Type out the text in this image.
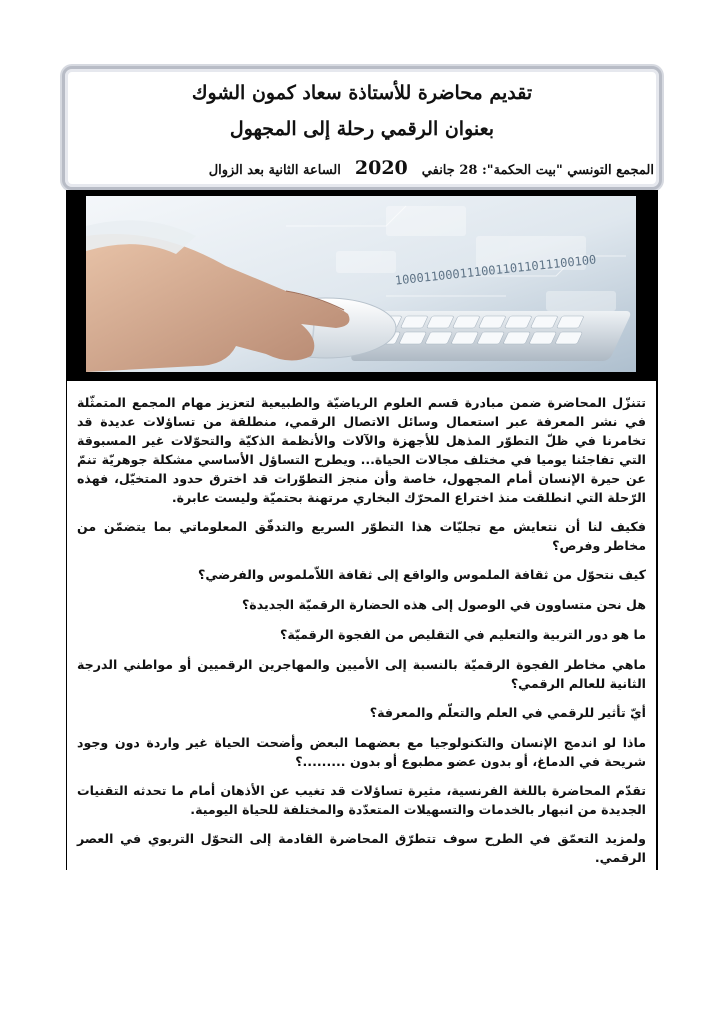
تقديم محاضرة للأستاذة سعاد كمون الشوك
بعنوان الرقمي رحلة إلى المجهول
المجمع التونسي "بيت الحكمة": 28 جانفي
2020
الساعة الثانية بعد الزوال
1000110001110011011011100100

تتنزّل المحاضرة ضمن مبادرة قسم العلوم الرياضيّة والطبيعية لتعزيز مهام المجمع المتمثّلة في نشر المعرفة عبر استعمال وسائل الاتصال الرقمي، منطلقة من تساؤلات عديدة قد تخامرنا في ظلّ التطوّر المذهل للأجهزة والآلات والأنظمة الذكيّة والتحوّلات غير المسبوقة التي تفاجئنا يوميا في مختلف مجالات الحياة... ويطرح التساؤل الأساسي مشكلة جوهريّة تنمّ عن حيرة الإنسان أمام المجهول، خاصة وأن منجز التطوّرات قد اخترق حدود المتخيّل، فهذه الرّحلة التي انطلقت منذ اختراع المحرّك البخاري مرتهنة بحتميّة وليست عابرة.

فكيف لنا أن نتعايش مع تجليّات هذا التطوّر السريع والتدفّق المعلوماتي بما يتضمّن من مخاطر وفرص؟

كيف نتحوّل من ثقافة الملموس والواقع إلى ثقافة اللاّملموس والفرضي؟

هل نحن متساوون في الوصول إلى هذه الحضارة الرقميّة الجديدة؟

ما هو دور التربية والتعليم في التقليص من الفجوة الرقميّة؟

ماهي مخاطر الفجوة الرقميّة بالنسبة إلى الأميين والمهاجرين الرقميين أو مواطني الدرجة الثانية للعالم الرقمي؟

أيّ تأثير للرقمي في العلم والتعلّم والمعرفة؟

ماذا لو اندمج الإنسان والتكنولوجيا مع بعضهما البعض وأضحت الحياة غير واردة دون وجود شريحة في الدماغ، أو بدون عضو مطبوع أو بدون .........؟

تقدّم المحاضرة باللغة الفرنسية، مثيرة تساؤلات قد تغيب عن الأذهان أمام ما تحدثه التقنيات الجديدة من انبهار بالخدمات والتسهيلات المتعدّدة والمختلفة للحياة اليومية.

ولمزيد التعمّق في الطرح سوف تتطرّق المحاضرة القادمة إلى التحوّل التربوي في العصر الرقمي.
